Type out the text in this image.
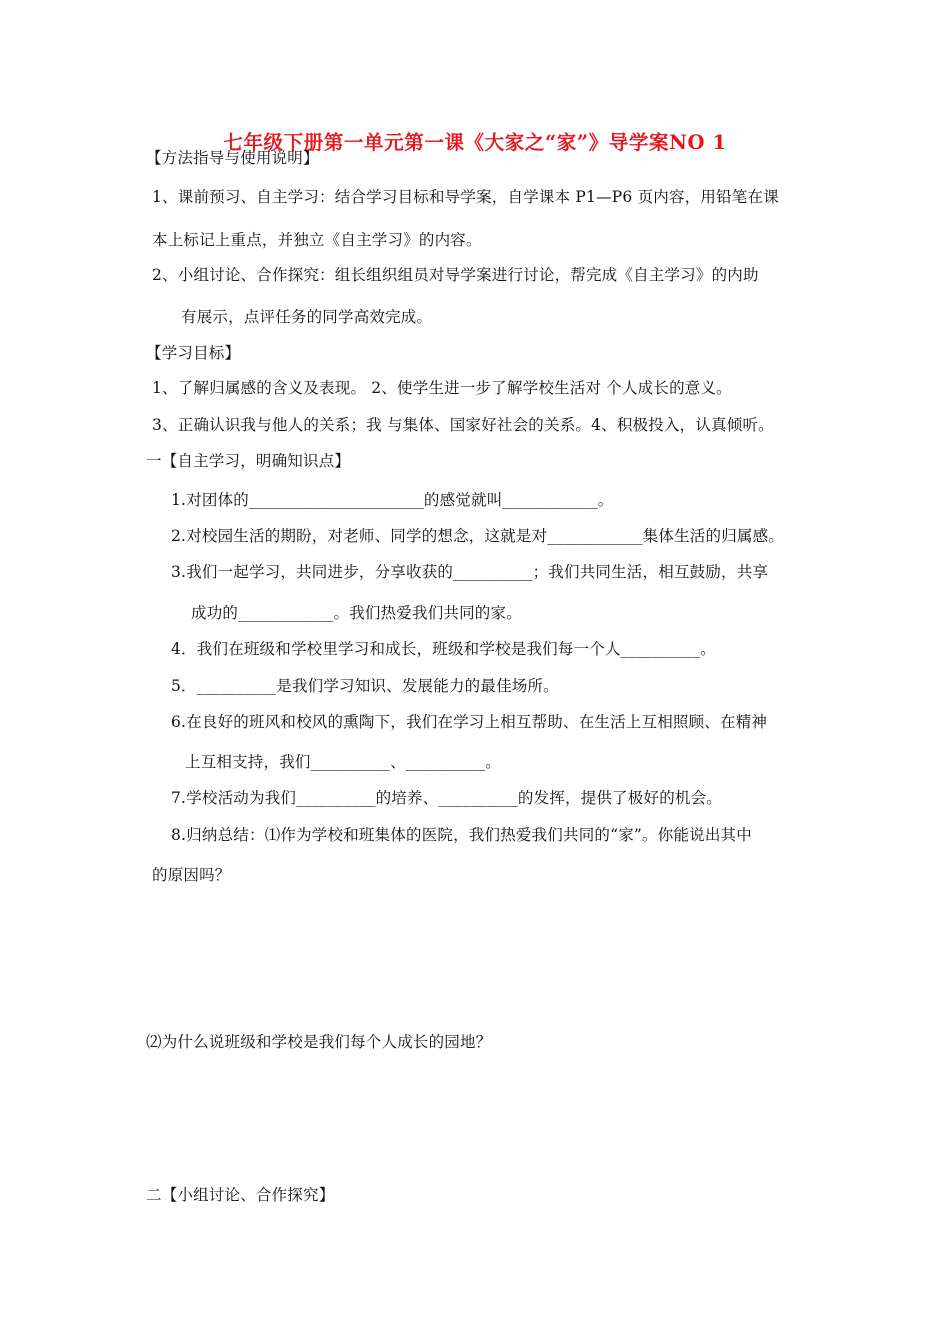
七年级下册第一单元第一课《大家之“家”》导学案NO 1
【方法指导与使用说明】
1、课前预习、自主学习：结合学习目标和导学案，自学课本 P1—P6 页内容，用铅笔在课
本上标记上重点，并独立《自主学习》的内容。
2、小组讨论、合作探究：组长组织组员对导学案进行讨论，帮完成《自主学习》的内助
有展示，点评任务的同学高效完成。
【学习目标】
1、了解归属感的含义及表现。 2、使学生进一步了解学校生活对 个人成长的意义。
3、正确认识我与他人的关系；我 与集体、国家好社会的关系。4、积极投入，认真倾听。
一【自主学习，明确知识点】
1.对团体的______________________的感觉就叫____________。
2.对校园生活的期盼，对老师、同学的想念，这就是对____________集体生活的归属感。
3.我们一起学习，共同进步，分享收获的__________；我们共同生活，相互鼓励，共享
成功的____________。我们热爱我们共同的家。
4．我们在班级和学校里学习和成长，班级和学校是我们每一个人__________。
5．__________是我们学习知识、发展能力的最佳场所。
6.在良好的班风和校风的熏陶下，我们在学习上相互帮助、在生活上互相照顾、在精神
上互相支持，我们__________、__________。
7.学校活动为我们__________的培养、__________的发挥，提供了极好的机会。
8.归纳总结：⑴作为学校和班集体的医院，我们热爱我们共同的“家”。你能说出其中
的原因吗？
⑵为什么说班级和学校是我们每个人成长的园地？
二【小组讨论、合作探究】
